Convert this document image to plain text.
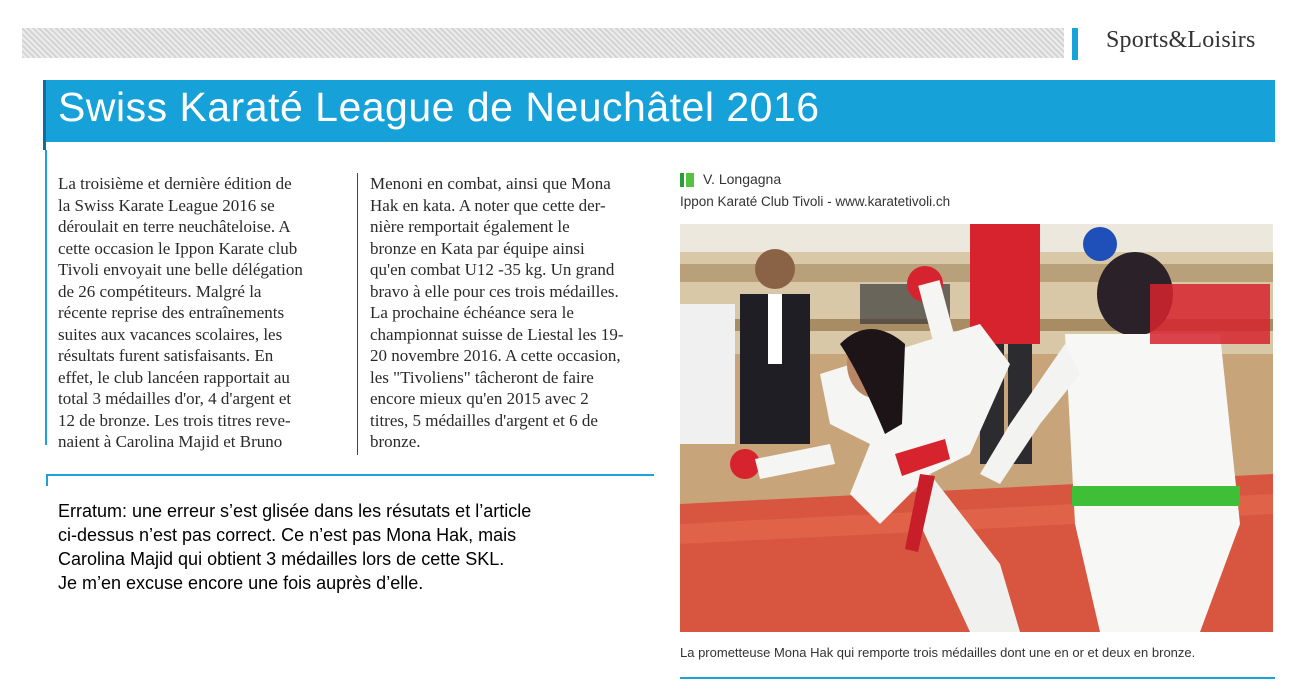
Sports&Loisirs
Swiss Karaté League de Neuchâtel 2016
La troisième et dernière édition de
la Swiss Karate League 2016 se
déroulait en terre neuchâteloise. A
cette occasion le Ippon Karate club
Tivoli envoyait une belle délégation
de 26 compétiteurs. Malgré la
récente reprise des entraînements
suites aux vacances scolaires, les
résultats furent satisfaisants. En
effet, le club lancéen rapportait au
total 3 médailles d'or, 4 d'argent et
12 de bronze. Les trois titres reve-
naient à Carolina Majid et Bruno
Menoni en combat, ainsi que Mona
Hak en kata. A noter que cette der-
nière remportait également le
bronze en Kata par équipe ainsi
qu'en combat U12 -35 kg. Un grand
bravo à elle pour ces trois médailles.
La prochaine échéance sera le
championnat suisse de Liestal les 19-
20 novembre 2016. A cette occasion,
les "Tivoliens" tâcheront de faire
encore mieux qu'en 2015 avec 2
titres, 5 médailles d'argent et 6 de
bronze.
V. Longagna
Ippon Karaté Club Tivoli - www.karatetivoli.ch
La prometteuse Mona Hak qui remporte trois médailles dont une en or et deux en bronze.
Erratum: une erreur s’est glisée dans les résutats et l’article
ci-dessus n’est pas correct. Ce n’est pas Mona Hak, mais
Carolina Majid qui obtient 3 médailles lors de cette SKL.
Je m’en excuse encore une fois auprès d’elle.
